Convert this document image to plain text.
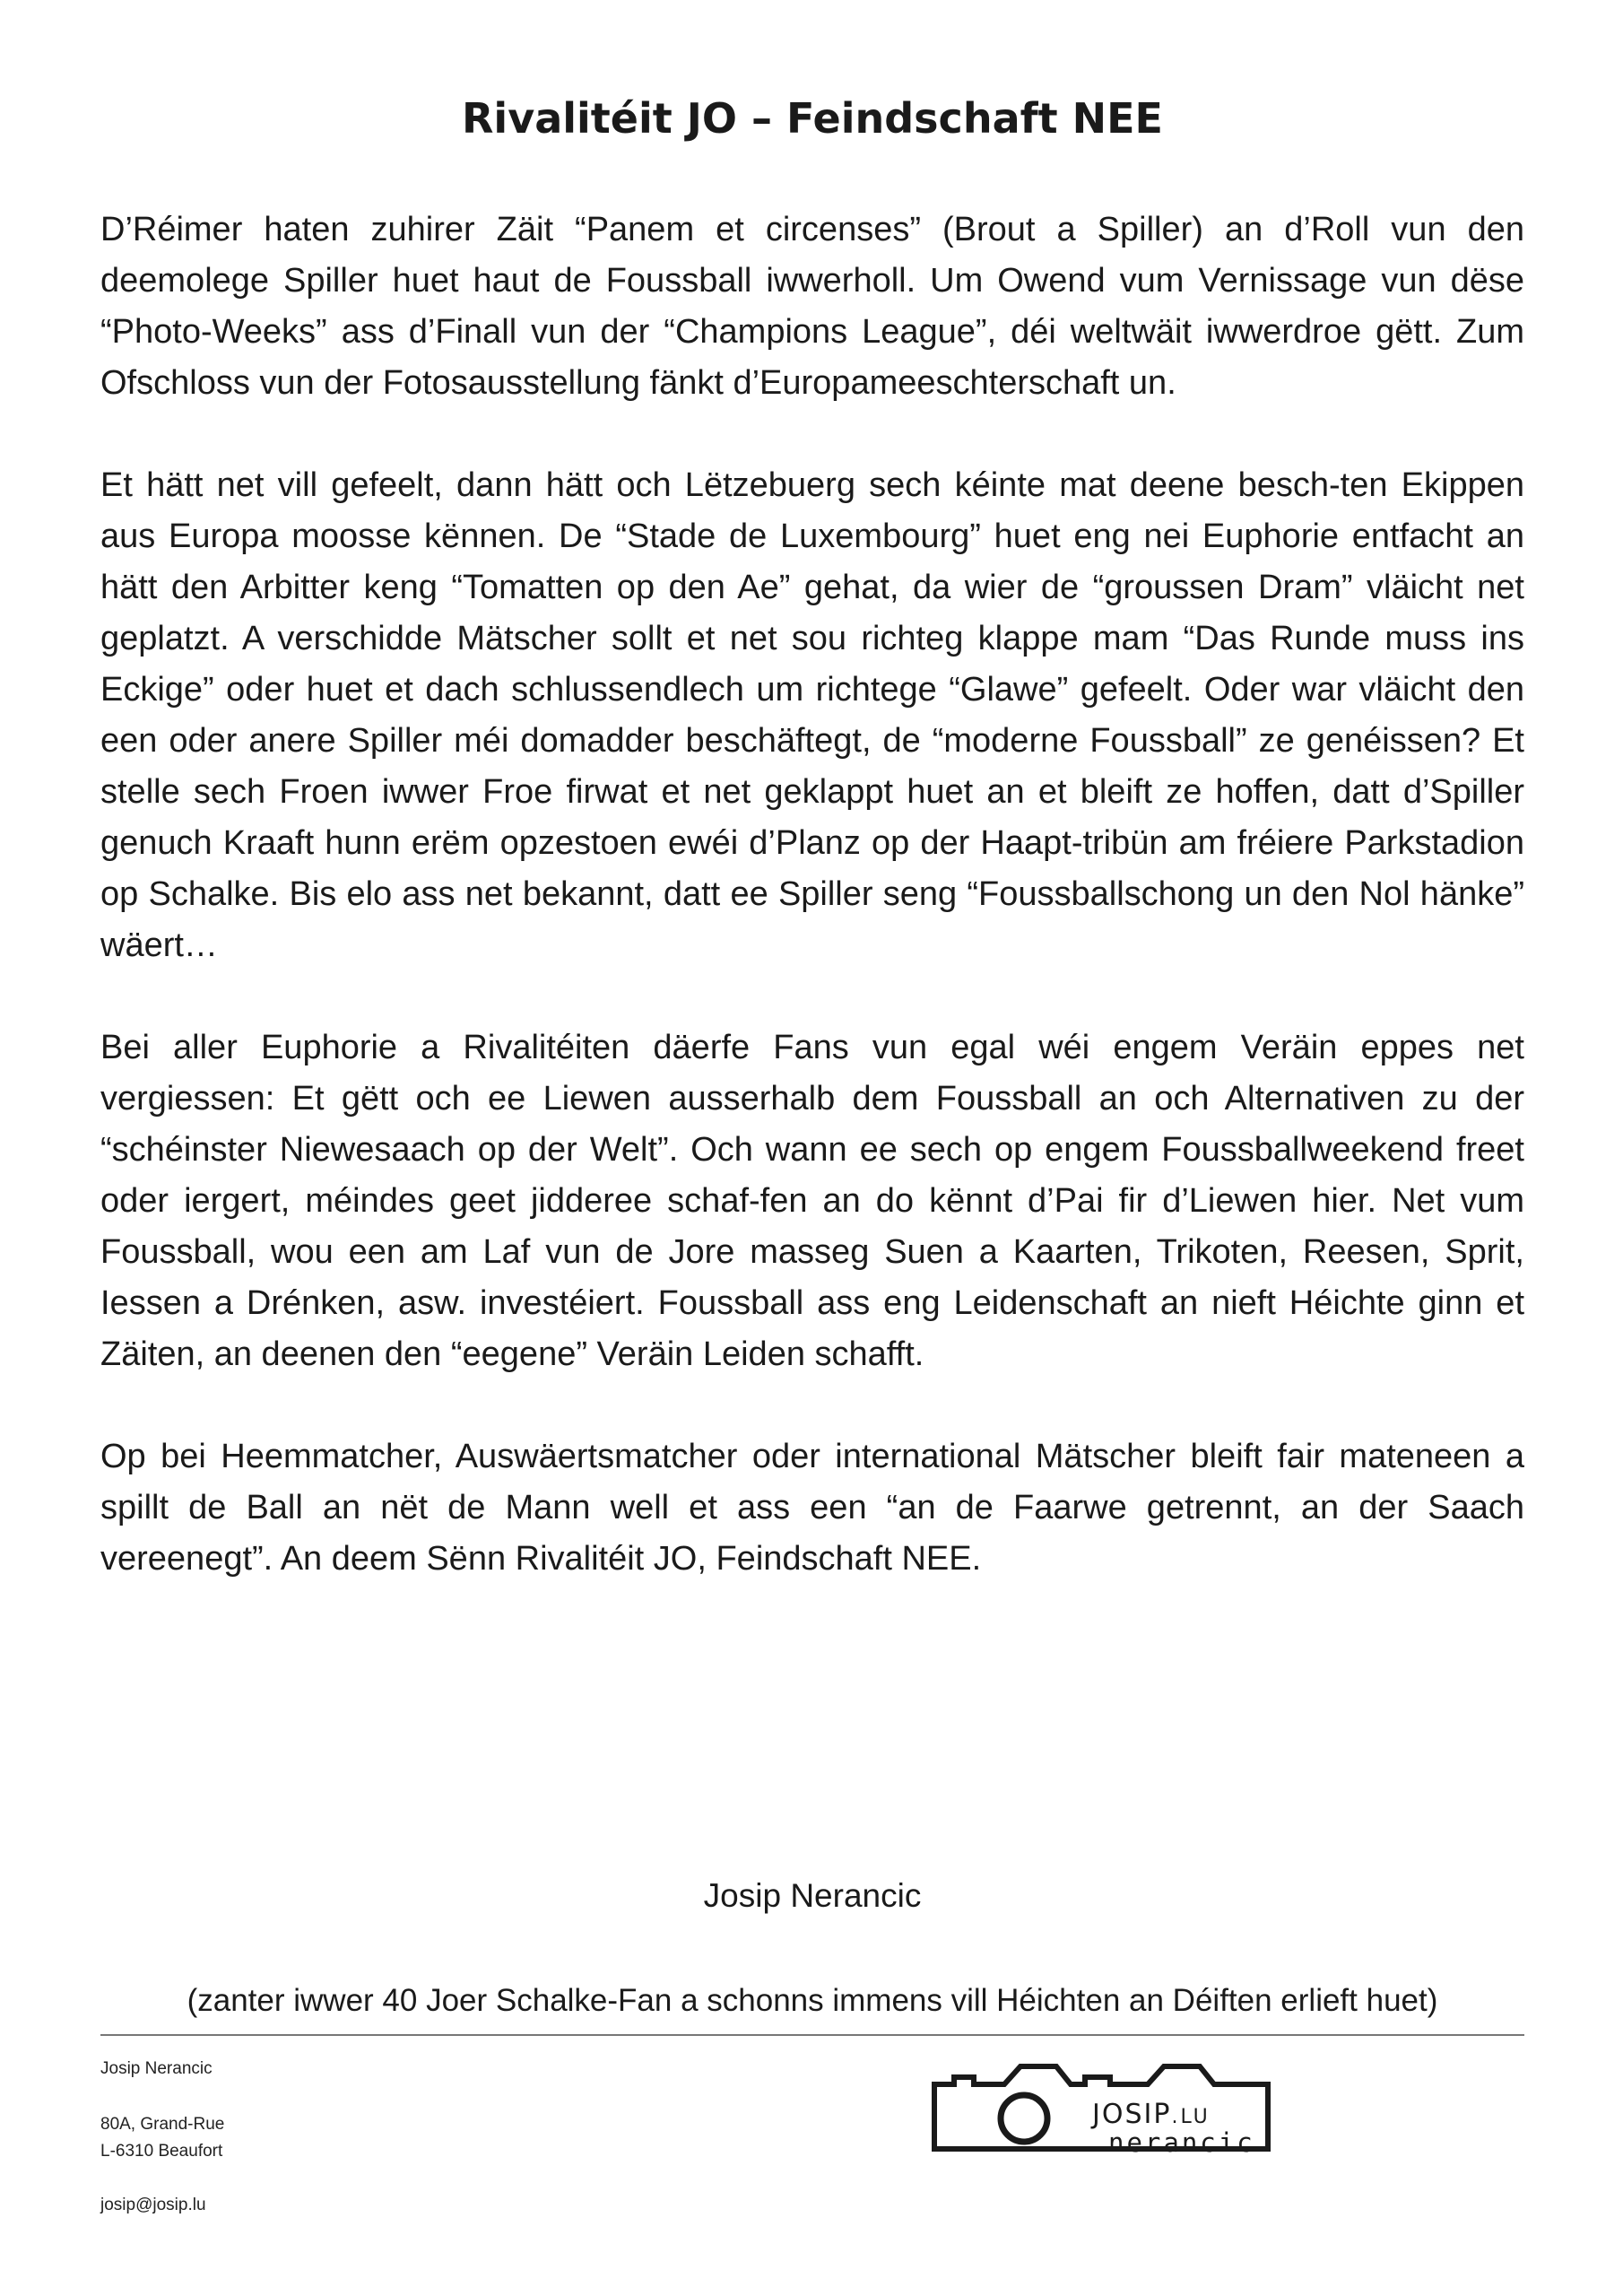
Rivalitéit JO – Feindschaft NEE

D’Réimer haten zuhirer Zäit “Panem et circenses” (Brout a Spiller) an d’Roll vun den deemolege Spiller huet haut de Foussball iwwerholl. Um Owend vum Vernissage vun dëse “Photo-Weeks” ass d’Finall vun der “Champions League”, déi weltwäit iwwerdroe gëtt. Zum Ofschloss vun der Fotosausstellung fänkt d’Europameeschterschaft un.

Et hätt net vill gefeelt, dann hätt och Lëtzebuerg sech kéinte mat deene besch-ten Ekippen aus Europa moosse kënnen. De “Stade de Luxembourg” huet eng nei Euphorie entfacht an hätt den Arbitter keng “Tomatten op den Ae” gehat, da wier de “groussen Dram” vläicht net geplatzt. A verschidde Mätscher sollt et net sou richteg klappe mam “Das Runde muss ins Eckige” oder huet et dach schlussendlech um richtege “Glawe” gefeelt. Oder war vläicht den een oder anere Spiller méi domadder beschäftegt, de “moderne Foussball” ze genéissen? Et stelle sech Froen iwwer Froe firwat et net geklappt huet an et bleift ze hoffen, datt d’Spiller genuch Kraaft hunn erëm opzestoen ewéi d’Planz op der Haapt-tribün am fréiere Parkstadion op Schalke. Bis elo ass net bekannt, datt ee Spiller seng “Foussballschong un den Nol hänke” wäert…

Bei aller Euphorie a Rivalitéiten däerfe Fans vun egal wéi engem Veräin eppes net vergiessen: Et gëtt och ee Liewen ausserhalb dem Foussball an och Alternativen zu der “schéinster Niewesaach op der Welt”. Och wann ee sech op engem Foussballweekend freet oder iergert, méindes geet jidderee schaf-fen an do kënnt d’Pai fir d’Liewen hier. Net vum Foussball, wou een am Laf vun de Jore masseg Suen a Kaarten, Trikoten, Reesen, Sprit, Iessen a Drénken, asw. investéiert. Foussball ass eng Leidenschaft an nieft Héichte ginn et Zäiten, an deenen den “eegene” Veräin Leiden schafft.

Op bei Heemmatcher, Auswäertsmatcher oder international Mätscher bleift fair mateneen a spillt de Ball an nët de Mann well et ass een “an de Faarwe getrennt, an der Saach vereenegt”. An deem Sënn Rivalitéit JO, Feindschaft NEE.

Josip Nerancic
(zanter iwwer 40 Joer Schalke-Fan a schonns immens vill Héichten an Déiften erlieft huet)

Josip Nerancic

80A, Grand-Rue

L-6310 Beaufort

josip@josip.lu

JOSIP.LU
nerancic
